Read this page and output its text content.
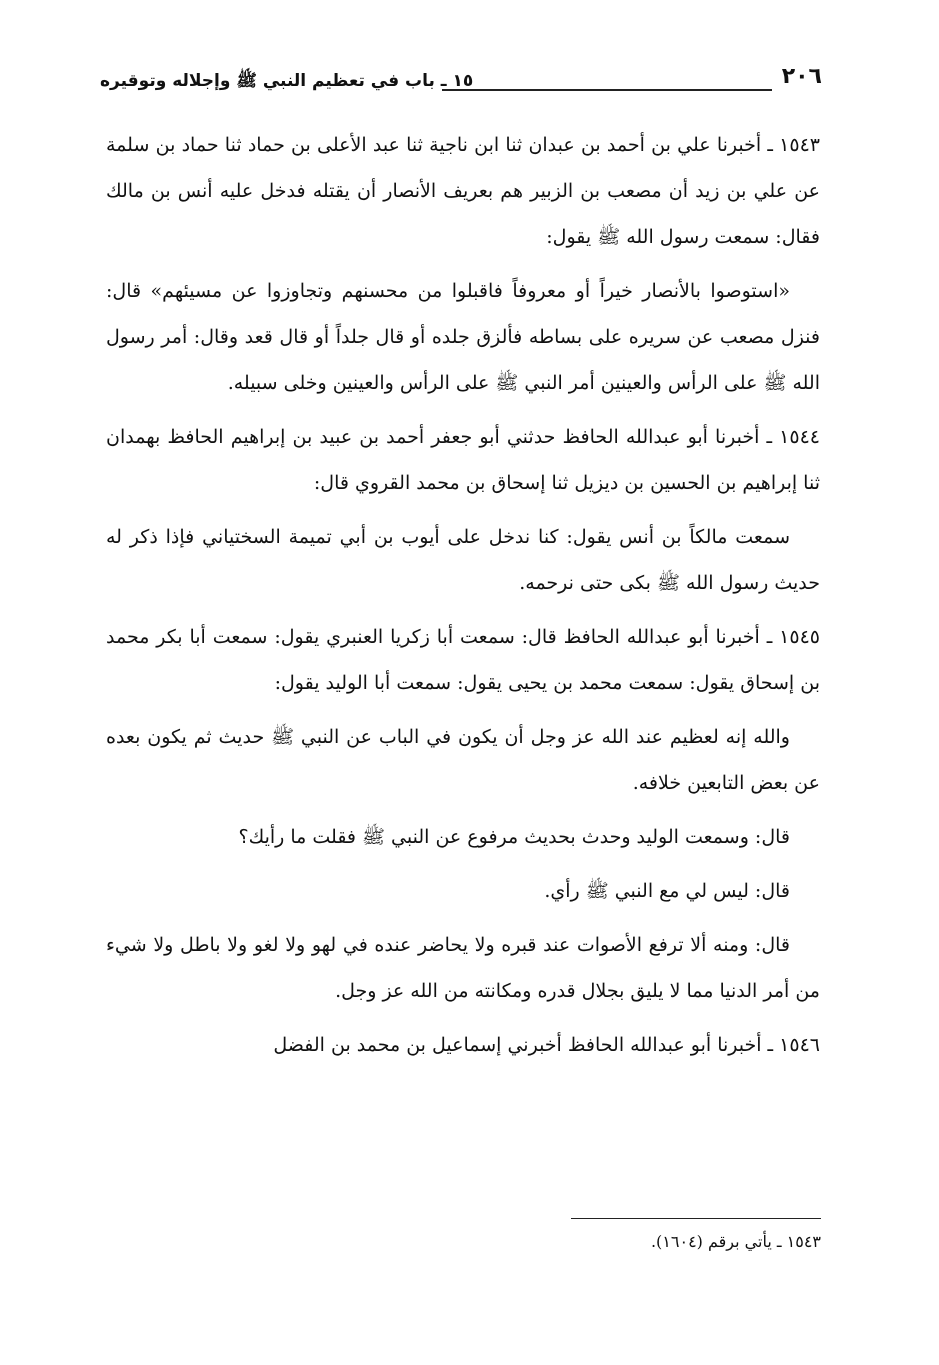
٢٠٦
١٥ ـ باب في تعظيم النبي ﷺ وإجلاله وتوقيره

١٥٤٣ ـ أخبرنا علي بن أحمد بن عبدان ثنا ابن ناجية ثنا عبد الأعلى بن حماد ثنا حماد بن سلمة عن علي بن زيد أن مصعب بن الزبير هم بعريف الأنصار أن يقتله فدخل عليه أنس بن مالك فقال: سمعت رسول الله ﷺ يقول:

«استوصوا بالأنصار خيراً أو معروفاً فاقبلوا من محسنهم وتجاوزوا عن مسيئهم» قال: فنزل مصعب عن سريره على بساطه فألزق جلده أو قال جلداً أو قال قعد وقال: أمر رسول الله ﷺ على الرأس والعينين أمر النبي ﷺ على الرأس والعينين وخلى سبيله.

١٥٤٤ ـ أخبرنا أبو عبدالله الحافظ حدثني أبو جعفر أحمد بن عبيد بن إبراهيم الحافظ بهمدان ثنا إبراهيم بن الحسين بن ديزيل ثنا إسحاق بن محمد القروي قال:

سمعت مالكاً بن أنس يقول: كنا ندخل على أيوب بن أبي تميمة السختياني فإذا ذكر له حديث رسول الله ﷺ بكى حتى نرحمه.

١٥٤٥ ـ أخبرنا أبو عبدالله الحافظ قال: سمعت أبا زكريا العنبري يقول: سمعت أبا بكر محمد بن إسحاق يقول: سمعت محمد بن يحيى يقول: سمعت أبا الوليد يقول:

والله إنه لعظيم عند الله عز وجل أن يكون في الباب عن النبي ﷺ حديث ثم يكون بعده عن بعض التابعين خلافه.

قال: وسمعت الوليد وحدث بحديث مرفوع عن النبي ﷺ فقلت ما رأيك؟

قال: ليس لي مع النبي ﷺ رأي.

قال: ومنه ألا ترفع الأصوات عند قبره ولا يحاضر عنده في لهو ولا لغو ولا باطل ولا شيء من أمر الدنيا مما لا يليق بجلال قدره ومكانته من الله عز وجل.

١٥٤٦ ـ أخبرنا أبو عبدالله الحافظ أخبرني إسماعيل بن محمد بن الفضل

١٥٤٣ ـ يأتي برقم (١٦٠٤).
